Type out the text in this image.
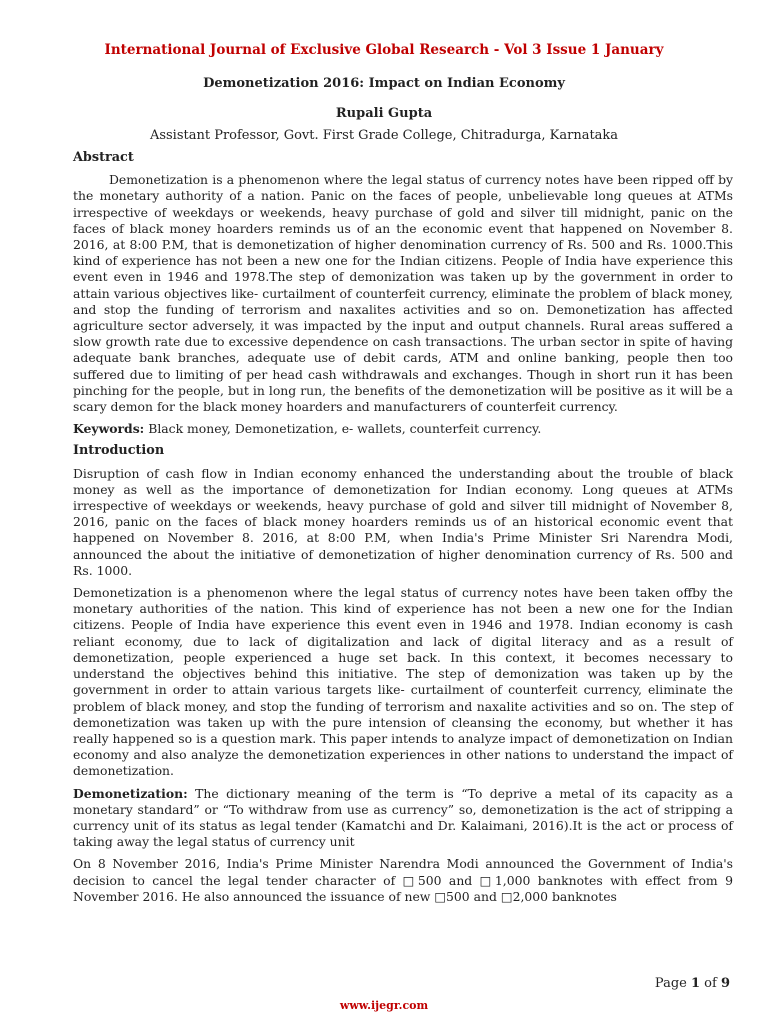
International Journal of Exclusive Global Research - Vol 3 Issue 1 January
Demonetization 2016: Impact on Indian Economy
Rupali Gupta
Assistant Professor, Govt. First Grade College, Chitradurga, Karnataka
Abstract

Demonetization is a phenomenon where the legal status of currency notes have been ripped off by the monetary authority of a nation. Panic on the faces of people, unbelievable long queues at ATMs irrespective of weekdays or weekends, heavy purchase of gold and silver till midnight, panic on the faces of black money hoarders reminds us of an the economic event that happened on November 8. 2016, at 8:00 P.M, that is demonetization of higher denomination currency of Rs. 500 and Rs. 1000.This kind of experience has not been a new one for the Indian citizens. People of India have experience this event even in 1946 and 1978.The step of demonization was taken up by the government in order to attain various objectives like- curtailment of counterfeit currency, eliminate the problem of black money, and stop the funding of terrorism and naxalites activities and so on. Demonetization has affected agriculture sector adversely, it was impacted by the input and output channels. Rural areas suffered a slow growth rate due to excessive dependence on cash transactions. The urban sector in spite of having adequate bank branches, adequate use of debit cards, ATM and online banking, people then too suffered due to limiting of per head cash withdrawals and exchanges. Though in short run it has been pinching for the people, but in long run, the benefits of the demonetization will be positive as it will be a scary demon for the black money hoarders and manufacturers of counterfeit currency.

Keywords: Black money, Demonetization, e- wallets, counterfeit currency.

Introduction

Disruption of cash flow in Indian economy enhanced the understanding about the trouble of black money as well as the importance of demonetization for Indian economy. Long queues at ATMs irrespective of weekdays or weekends, heavy purchase of gold and silver till midnight of November 8, 2016, panic on the faces of black money hoarders reminds us of an historical economic event that happened on November 8. 2016, at 8:00 P.M, when India's Prime Minister Sri Narendra Modi, announced the about the initiative of demonetization of higher denomination currency of Rs. 500 and Rs. 1000.

Demonetization is a phenomenon where the legal status of currency notes have been taken offby the monetary authorities of the nation. This kind of experience has not been a new one for the Indian citizens. People of India have experience this event even in 1946 and 1978. Indian economy is cash reliant economy, due to lack of digitalization and lack of digital literacy and as a result of demonetization, people experienced a huge set back. In this context, it becomes necessary to understand the objectives behind this initiative. The step of demonization was taken up by the government in order to attain various targets like- curtailment of counterfeit currency, eliminate the problem of black money, and stop the funding of terrorism and naxalite activities and so on. The step of demonetization was taken up with the pure intension of cleansing the economy, but whether it has really happened so is a question mark. This paper intends to analyze impact of demonetization on Indian economy and also analyze the demonetization experiences in other nations to understand the impact of demonetization.

Demonetization: The dictionary meaning of the term is “To deprive a metal of its capacity as a monetary standard” or “To withdraw from use as currency” so, demonetization is the act of stripping a currency unit of its status as legal tender (Kamatchi and Dr. Kalaimani, 2016).It is the act or process of taking away the legal status of currency unit

On 8 November 2016, India's Prime Minister Narendra Modi announced the Government of India's decision to cancel the legal tender character of □500 and □1,000 banknotes with effect from 9 November 2016. He also announced the issuance of new □500 and □2,000 banknotes

Page 1 of 9
www.ijegr.com
